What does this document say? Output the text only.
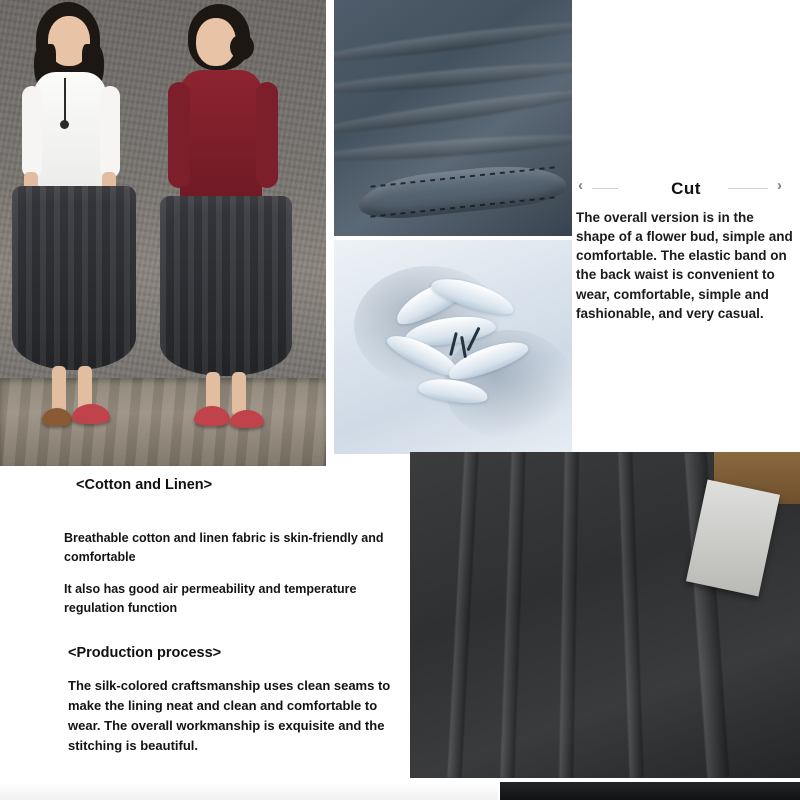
Cut
‹	›
The overall version is in the shape of a flower bud, simple and comfortable. The elastic band on the back waist is convenient to wear, comfortable, simple and fashionable, and very casual.
<Cotton and Linen>
Breathable cotton and linen fabric is skin-friendly and comfortable
It also has good air permeability and temperature regulation function
<Production process>
The silk-colored craftsmanship uses clean seams to make the lining neat and clean and comfortable to wear. The overall workmanship is exquisite and the stitching is beautiful.
